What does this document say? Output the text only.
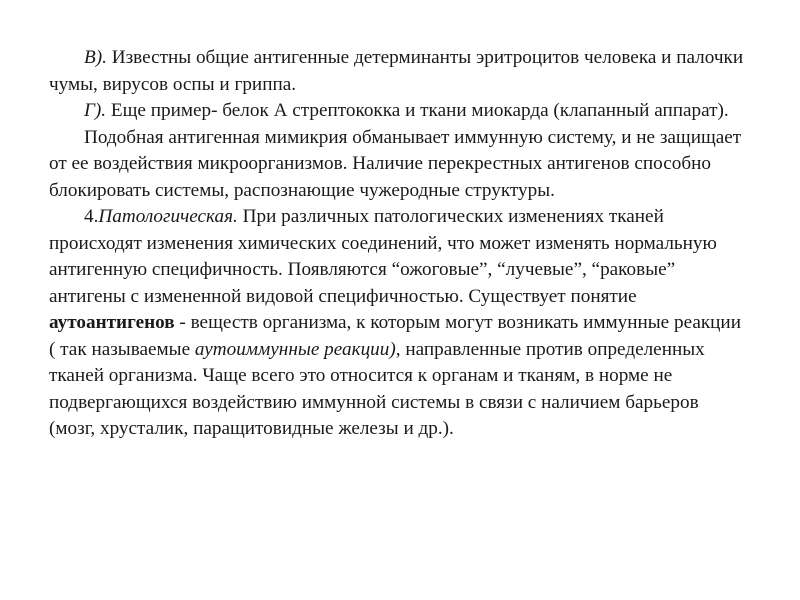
В). Известны общие антигенные детерминанты эритроцитов человека и палочки чумы, вирусов оспы и гриппа.

Г). Еще пример- белок А стрептококка и ткани миокарда (клапанный аппарат).

Подобная антигенная мимикрия обманывает иммунную систему, и не защищает от ее воздействия микроорганизмов. Наличие перекрестных антигенов способно блокировать системы, распознающие чужеродные структуры.

4.Патологическая. При различных патологических изменениях тканей происходят изменения химических соединений, что может изменять нормальную антигенную специфичность. Появляются “ожоговые”, “лучевые”, “раковые” антигены с измененной видовой специфичностью. Существует понятие аутоантигенов - веществ организма, к которым могут возникать иммунные реакции ( так называемые аутоиммунные реакции), направленные против определенных тканей организма. Чаще всего это относится к органам и тканям, в норме не подвергающихся воздействию иммунной системы в связи с наличием барьеров (мозг, хрусталик, паращитовидные железы и др.).
